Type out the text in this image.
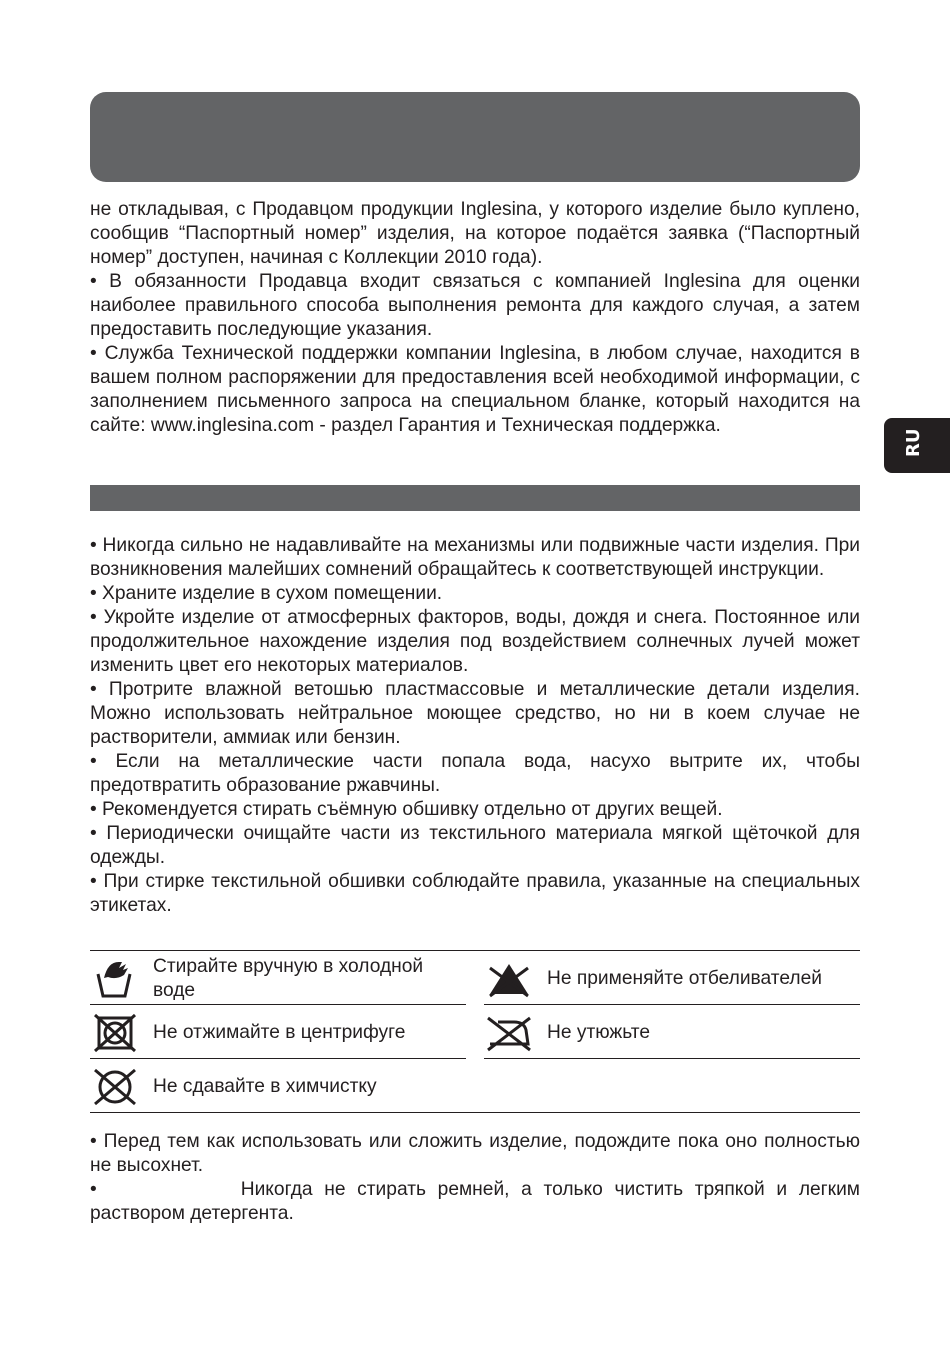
RU

не откладывая, с Продавцом продукции Inglesina, у которого изделие было куплено, сообщив “Паспортный номер” изделия, на которое подаётся заявка (“Паспортный номер” доступен, начиная с Коллекции 2010 года).

• В обязанности Продавца входит связаться с компанией Inglesina для оценки наиболее правильного способа выполнения ремонта для каждого случая, а затем предоставить последующие указания.

• Служба Технической поддержки компании Inglesina, в любом случае, находится в вашем полном распоряжении для предоставления всей необходимой информации, с заполнением письменного запроса на специальном бланке, который находится на сайте: www.inglesina.com - раздел Гарантия и Техническая поддержка.

• Никогда сильно не надавливайте на механизмы или подвижные части изделия. При возникновения малейших сомнений обращайтесь к соответствующей инструкции.

• Храните изделие в сухом помещении.

• Укройте изделие от атмосферных факторов, воды, дождя и снега. Постоянное или продолжительное нахождение изделия под воздействием солнечных лучей может изменить цвет его некоторых материалов.

• Протрите влажной ветошью пластмассовые и металлические детали изделия. Можно использовать нейтральное моющее средство, но ни в коем случае не растворители, аммиак или бензин.

• Если на металлические части попала вода, насухо вытрите их, чтобы предотвратить образование ржавчины.

• Рекомендуется стирать съёмную обшивку отдельно от других вещей.

• Периодически очищайте части из текстильного материала мягкой щёточкой для одежды.

• При стирке текстильной обшивки соблюдайте правила, указанные на специальных этикетах.

Стирайте вручную в холодной воде
Не применяйте отбеливателей
Не отжимайте в центрифуге	Не утюжьте
Не сдавайте в химчистку

• Перед тем как использовать или сложить изделие, подождите пока оно полностью не высохнет.

•	Никогда не стирать ремней, а только чистить тряпкой и легким раствором детергента.
